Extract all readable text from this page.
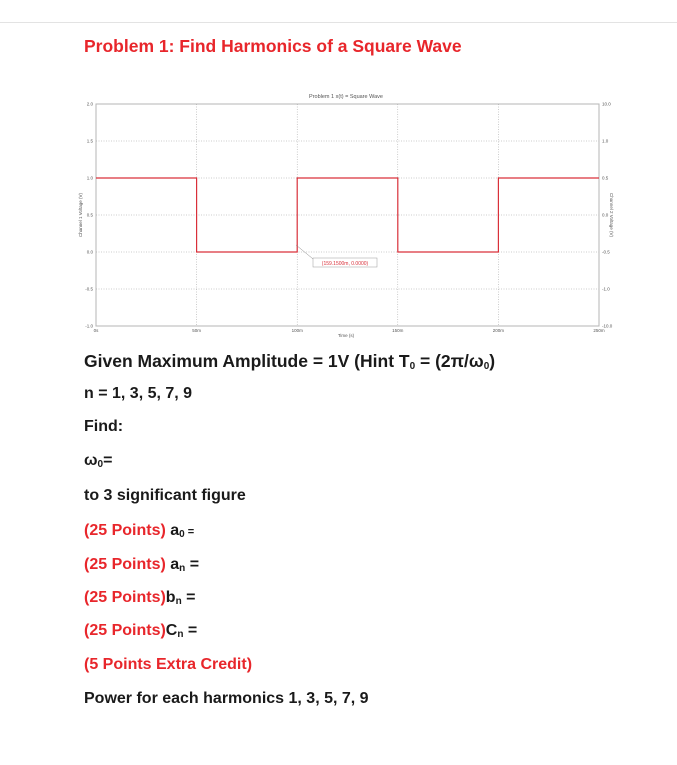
Problem 1: Find Harmonics of a Square Wave
Problem 1 x(t) = Square Wave
Time (s)
Channel 1 Voltage (V)	Channel 2 Voltage (V)
(159.1500m, 0.0000)
0s	50m	100m	150m	200m	250m
2.0	10.0
1.5	1.0
1.0	0.5
0.5	0.0
0.0	-0.5
-0.5	-1.0
-1.0	-10.0
Given Maximum Amplitude = 1V (Hint $T_0 = (2\pi/\omega_0)$
n = 1, 3, 5, 7, 9
Find:
$\omega_0=$
to 3 significant figure
(25 Points) $a_0$ =
(25 Points) $a_n$ =
(25 $Points)b_n$ =
(25 $Points)C_n$ =
(5 Points Extra Credit)
Power for each harmonics 1, 3, 5, 7, 9
